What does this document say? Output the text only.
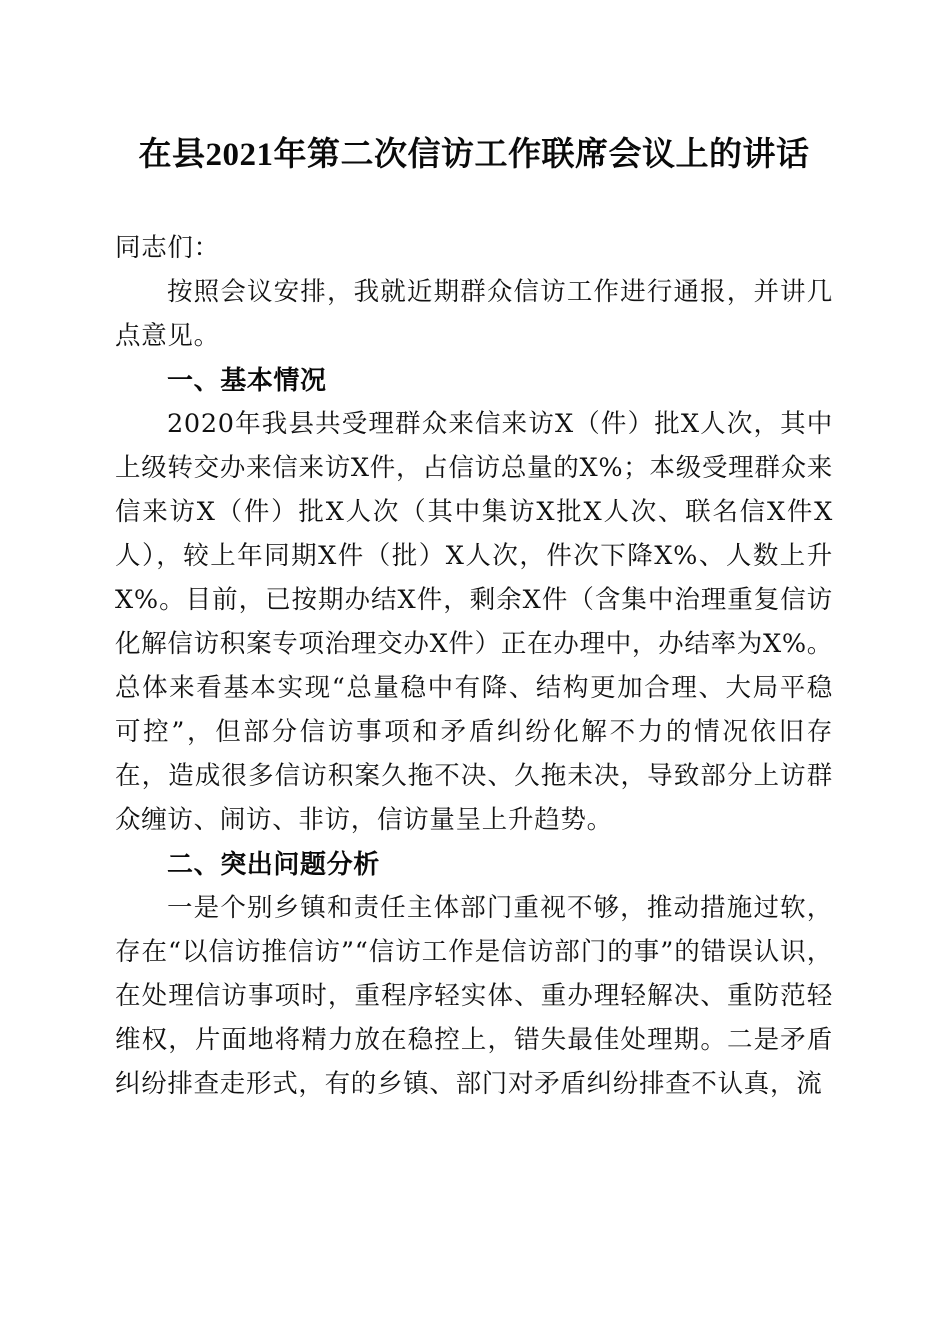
在县2021年第二次信访工作联席会议上的讲话

同志们：

按照会议安排，我就近期群众信访工作进行通报，并讲几点意见。

一、基本情况

2020年我县共受理群众来信来访X（件）批X人次，其中上级转交办来信来访X件，占信访总量的X%；本级受理群众来信来访X（件）批X人次（其中集访X批X人次、联名信X件X人），较上年同期X件（批）X人次，件次下降X%、人数上升X%。目前，已按期办结X件，剩余X件（含集中治理重复信访化解信访积案专项治理交办X件）正在办理中，办结率为X%。总体来看基本实现“总量稳中有降、结构更加合理、大局平稳可控”，但部分信访事项和矛盾纠纷化解不力的情况依旧存在，造成很多信访积案久拖不决、久拖未决，导致部分上访群众缠访、闹访、非访，信访量呈上升趋势。

二、突出问题分析

一是个别乡镇和责任主体部门重视不够，推动措施过软，存在“以信访推信访”“信访工作是信访部门的事”的错误认识，在处理信访事项时，重程序轻实体、重办理轻解决、重防范轻维权，片面地将精力放在稳控上，错失最佳处理期。二是矛盾纠纷排查走形式，有的乡镇、部门对矛盾纠纷排查不认真，流
